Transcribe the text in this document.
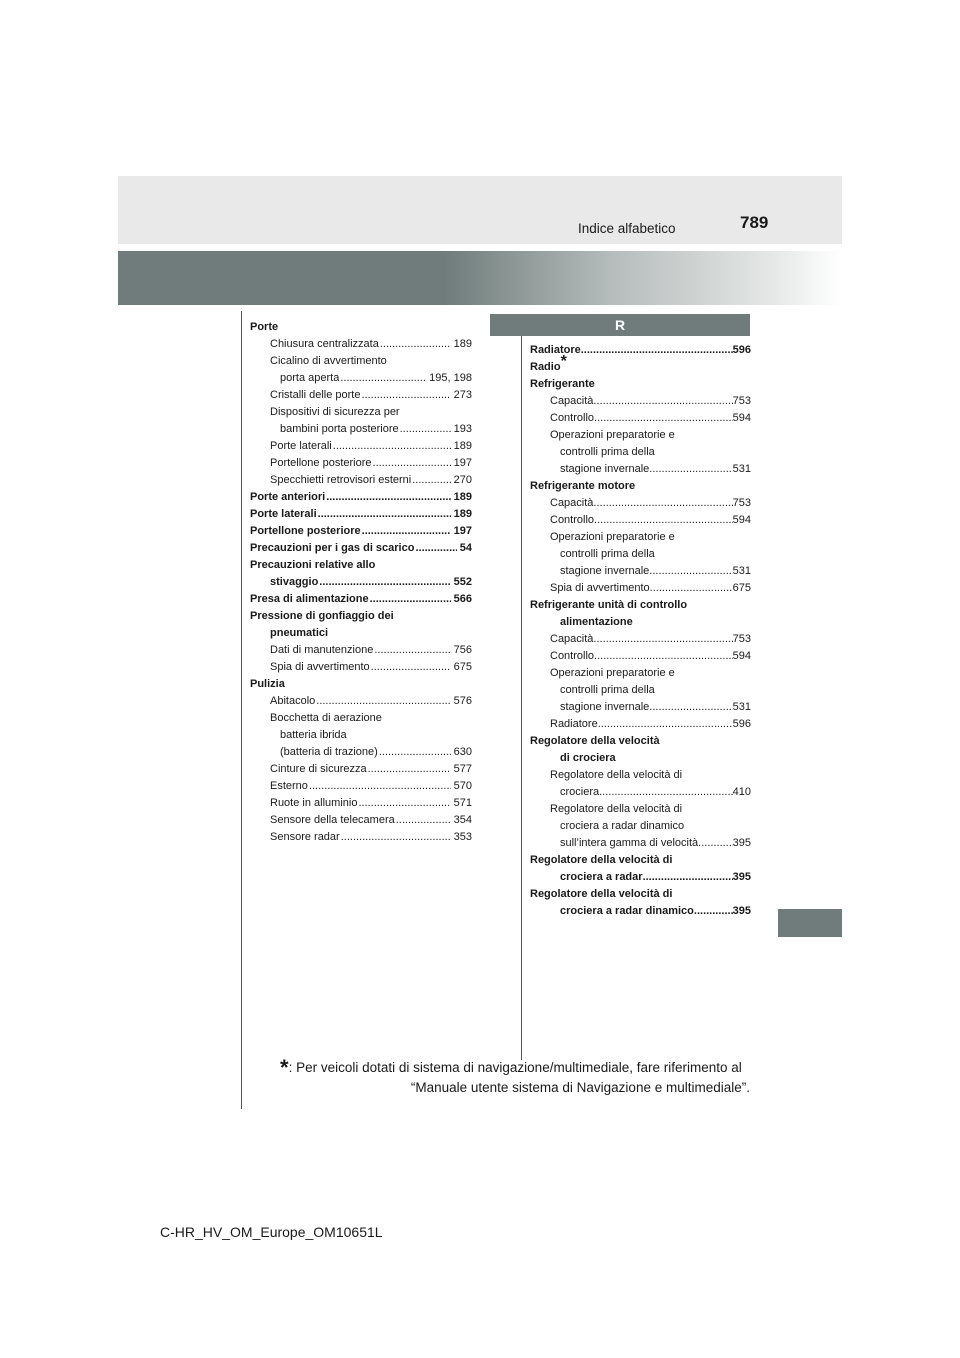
789
Indice alfabetico
R
Porte
Chiusura centralizzata .....	189
Cicalino di avvertimento
porta aperta .....	195, 198
Cristalli delle porte .....	273
Dispositivi di sicurezza per
bambini porta posteriore .....	193
Porte laterali .....	189
Portellone posteriore .....	197
Specchietti retrovisori esterni .....	270
Porte anteriori .....	189
Porte laterali .....	189
Portellone posteriore .....	197
Precauzioni per i gas di scarico .....	54
Precauzioni relative allo
stivaggio .....	552
Presa di alimentazione .....	566
Pressione di gonfiaggio dei
pneumatici
Dati di manutenzione .....	756
Spia di avvertimento .....	675
Pulizia
Abitacolo .....	576
Bocchetta di aerazione
batteria ibrida
(batteria di trazione) .....	630
Cinture di sicurezza .....	577
Esterno .....	570
Ruote in alluminio .....	571
Sensore della telecamera .....	354
Sensore radar .....	353
Radiatore .....	596
Radio*
Refrigerante
Capacità .....	753
Controllo .....	594
Operazioni preparatorie e
controlli prima della
stagione invernale .....	531
Refrigerante motore
Capacità .....	753
Controllo .....	594
Operazioni preparatorie e
controlli prima della
stagione invernale .....	531
Spia di avvertimento .....	675
Refrigerante unità di controllo
alimentazione
Capacità .....	753
Controllo .....	594
Operazioni preparatorie e
controlli prima della
stagione invernale .....	531
Radiatore .....	596
Regolatore della velocità
di crociera
Regolatore della velocità di
crociera .....	410
Regolatore della velocità di
crociera a radar dinamico
sull’intera gamma di velocità .....	395
Regolatore della velocità di
crociera a radar .....	395
Regolatore della velocità di
crociera a radar dinamico .....	395
*: Per veicoli dotati di sistema di navigazione/multimediale, fare riferimento al
“Manuale utente sistema di Navigazione e multimediale”.
C-HR_HV_OM_Europe_OM10651L
